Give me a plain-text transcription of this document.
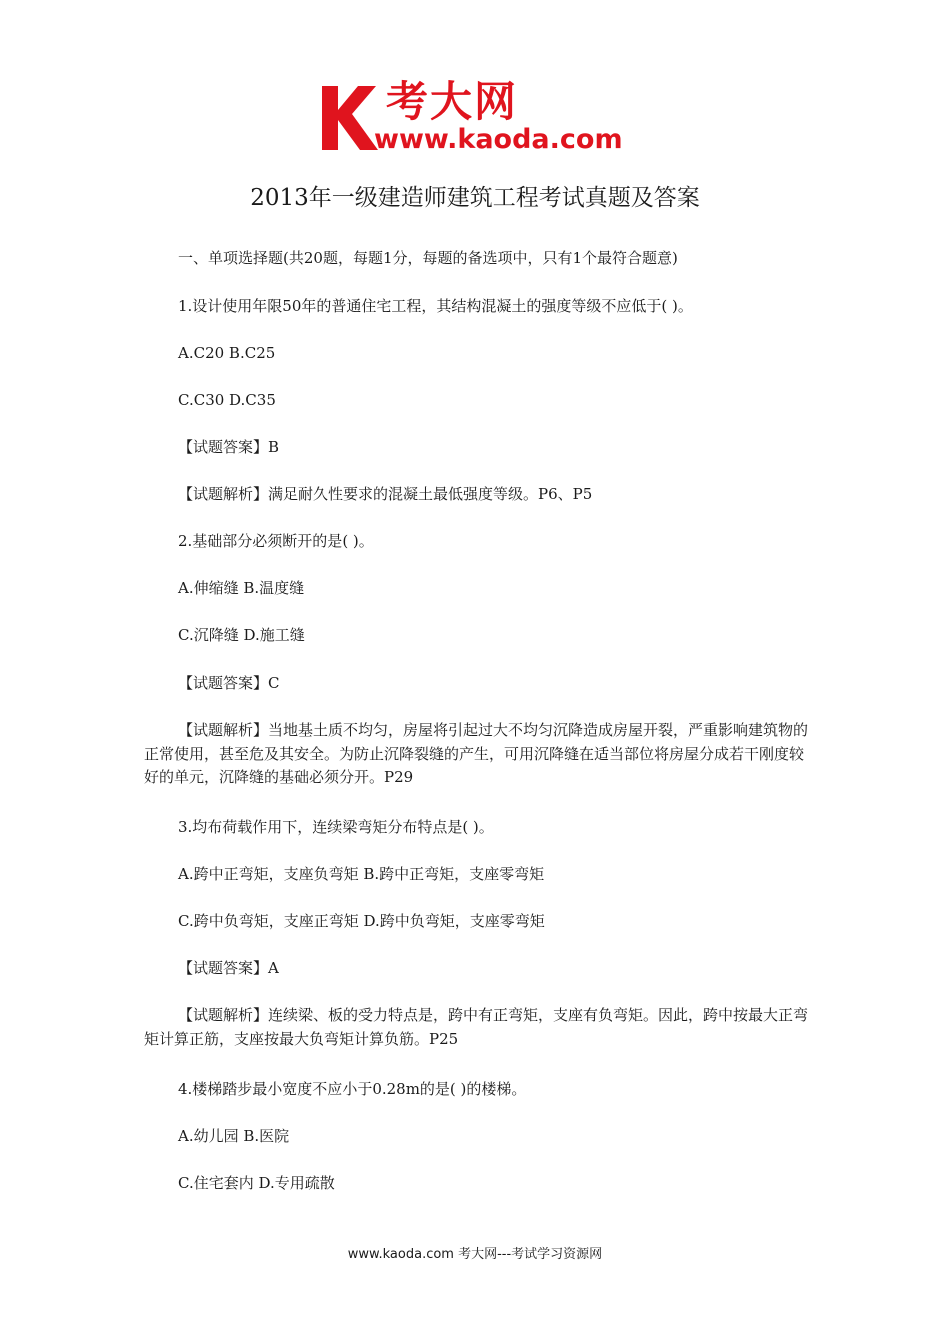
考大网
www.kaoda.com
2013年一级建造师建筑工程考试真题及答案
一、单项选择题(共20题，每题1分，每题的备选项中，只有1个最符合题意)
1.设计使用年限50年的普通住宅工程，其结构混凝土的强度等级不应低于( )。
A.C20 B.C25
C.C30 D.C35
【试题答案】B
【试题解析】满足耐久性要求的混凝土最低强度等级。P6、P5
2.基础部分必须断开的是( )。
A.伸缩缝 B.温度缝
C.沉降缝 D.施工缝
【试题答案】C
【试题解析】当地基土质不均匀，房屋将引起过大不均匀沉降造成房屋开裂，严重影响建筑物的正常使用，甚至危及其安全。为防止沉降裂缝的产生，可用沉降缝在适当部位将房屋分成若干刚度较好的单元，沉降缝的基础必须分开。P29
3.均布荷载作用下，连续梁弯矩分布特点是( )。
A.跨中正弯矩，支座负弯矩 B.跨中正弯矩，支座零弯矩
C.跨中负弯矩，支座正弯矩 D.跨中负弯矩，支座零弯矩
【试题答案】A
【试题解析】连续梁、板的受力特点是，跨中有正弯矩，支座有负弯矩。因此，跨中按最大正弯矩计算正筋，支座按最大负弯矩计算负筋。P25
4.楼梯踏步最小宽度不应小于0.28m的是( )的楼梯。
A.幼儿园 B.医院
C.住宅套内 D.专用疏散
www.kaoda.com 考大网---考试学习资源网
